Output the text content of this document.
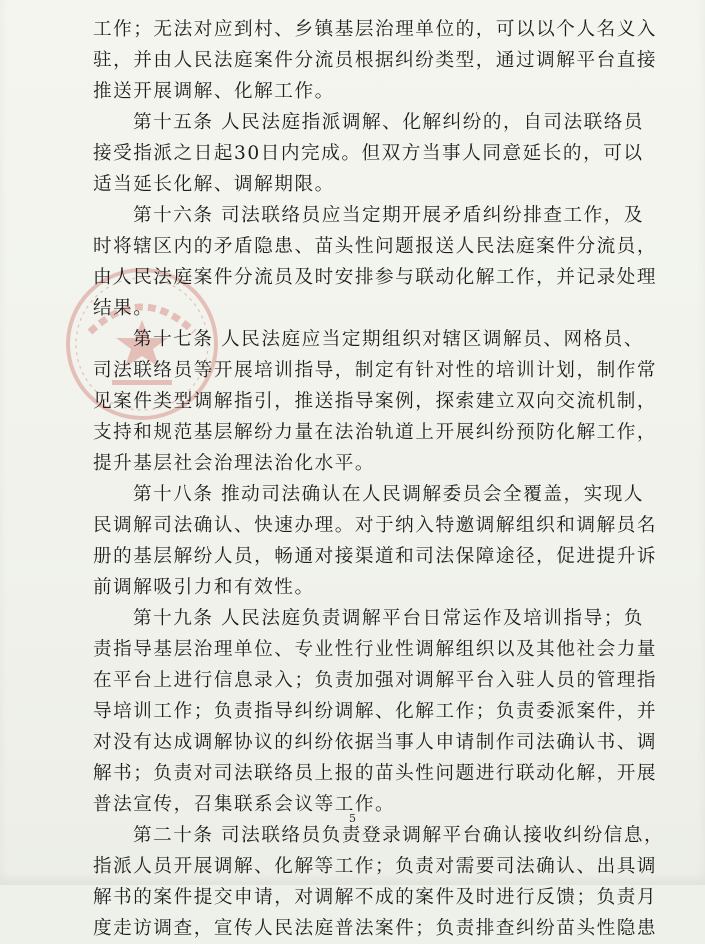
工作；无法对应到村、乡镇基层治理单位的，可以以个人名义入
驻，并由人民法庭案件分流员根据纠纷类型，通过调解平台直接
推送开展调解、化解工作。
第十五条 人民法庭指派调解、化解纠纷的，自司法联络员
接受指派之日起30日内完成。但双方当事人同意延长的，可以
适当延长化解、调解期限。
第十六条 司法联络员应当定期开展矛盾纠纷排查工作，及
时将辖区内的矛盾隐患、苗头性问题报送人民法庭案件分流员，
由人民法庭案件分流员及时安排参与联动化解工作，并记录处理
结果。
第十七条 人民法庭应当定期组织对辖区调解员、网格员、
司法联络员等开展培训指导，制定有针对性的培训计划，制作常
见案件类型调解指引，推送指导案例，探索建立双向交流机制，
支持和规范基层解纷力量在法治轨道上开展纠纷预防化解工作，
提升基层社会治理法治化水平。
第十八条 推动司法确认在人民调解委员会全覆盖，实现人
民调解司法确认、快速办理。对于纳入特邀调解组织和调解员名
册的基层解纷人员，畅通对接渠道和司法保障途径，促进提升诉
前调解吸引力和有效性。
第十九条 人民法庭负责调解平台日常运作及培训指导；负
责指导基层治理单位、专业性行业性调解组织以及其他社会力量
在平台上进行信息录入；负责加强对调解平台入驻人员的管理指
导培训工作；负责指导纠纷调解、化解工作；负责委派案件，并
对没有达成调解协议的纠纷依据当事人申请制作司法确认书、调
解书；负责对司法联络员上报的苗头性问题进行联动化解，开展
普法宣传，召集联系会议等工作。
第二十条 司法联络员负责登录调解平台确认接收纠纷信息，
指派人员开展调解、化解等工作；负责对需要司法确认、出具调
解书的案件提交申请，对调解不成的案件及时进行反馈；负责月
度走访调查，宣传人民法庭普法案件；负责排查纠纷苗头性隐患
5
